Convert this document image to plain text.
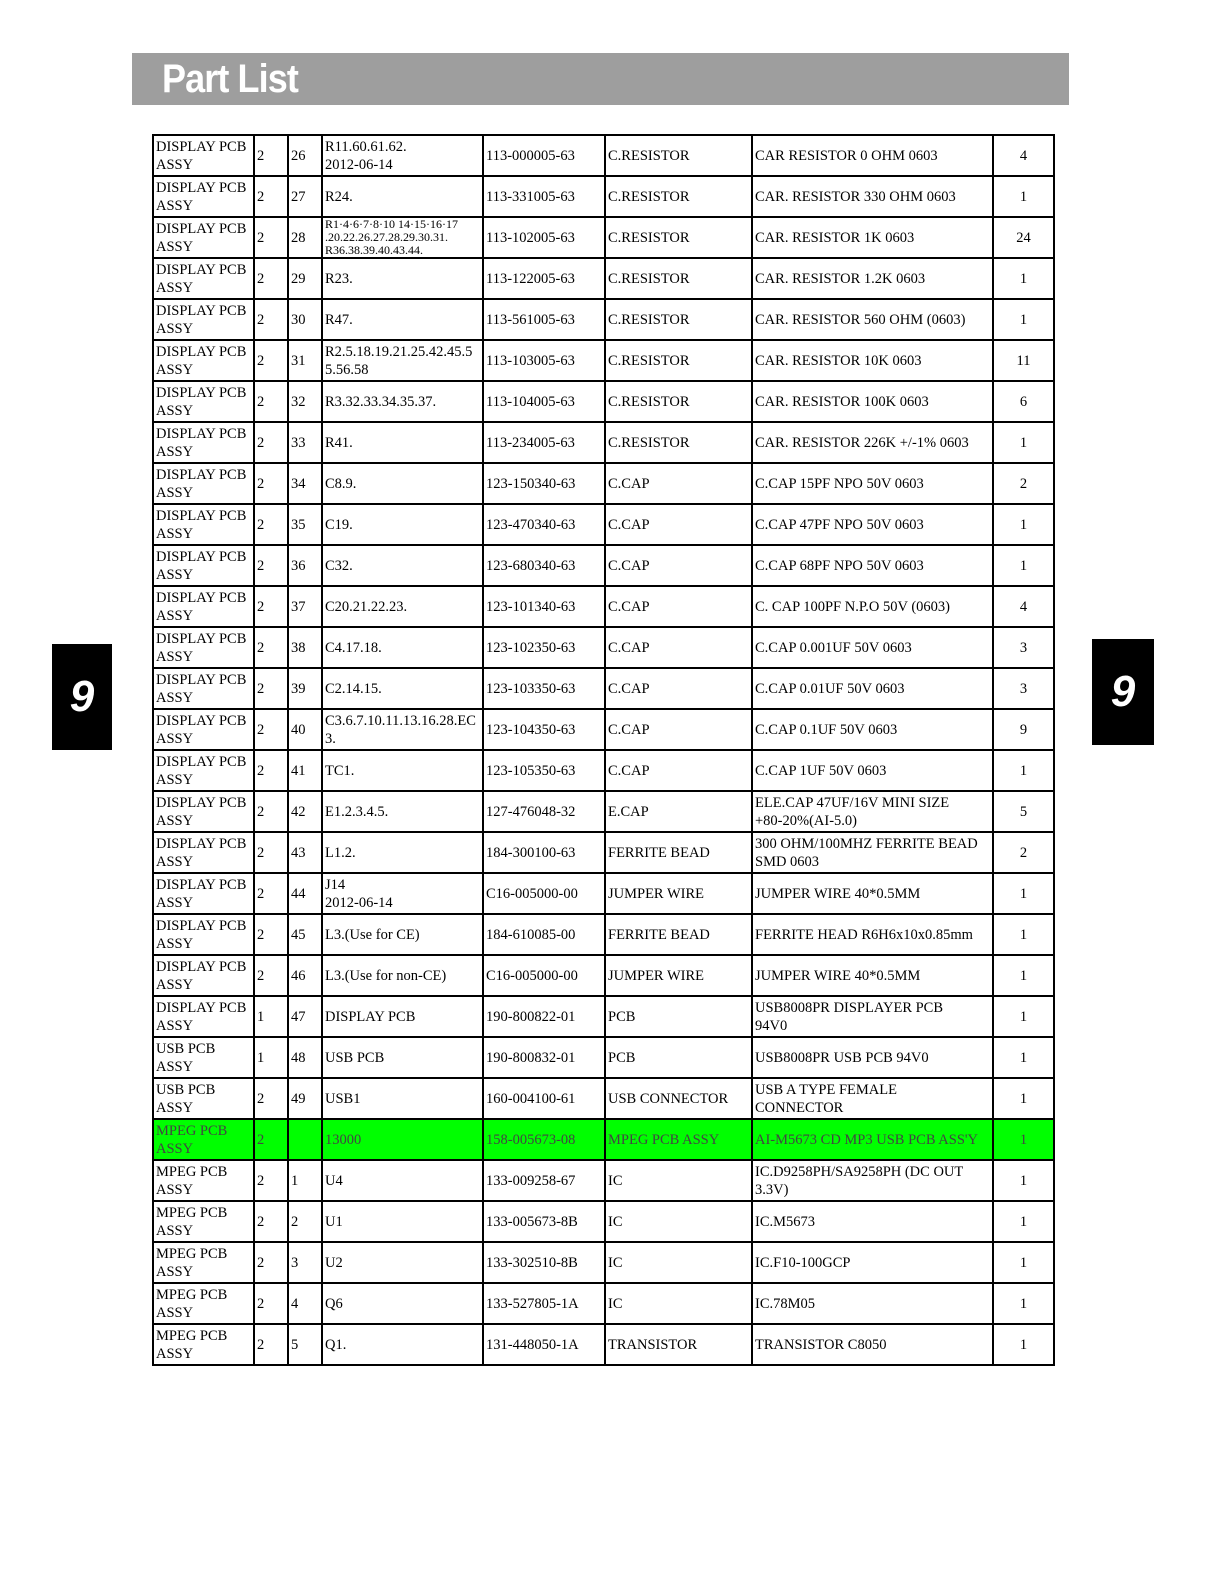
Part List
9	9
DISPLAY PCB
ASSY	2	26	R11.60.61.62.
2012-06-14	113-000005-63	C.RESISTOR	CAR RESISTOR 0 OHM 0603	4
DISPLAY PCB
ASSY	2	27	R24.	113-331005-63	C.RESISTOR	CAR. RESISTOR 330 OHM 0603	1
DISPLAY PCB
ASSY	2	28	R1·4·6·7·8·10 14·15·16·17
.20.22.26.27.28.29.30.31.
R36.38.39.40.43.44.	113-102005-63	C.RESISTOR	CAR. RESISTOR 1K 0603	24
DISPLAY PCB
ASSY	2	29	R23.	113-122005-63	C.RESISTOR	CAR. RESISTOR 1.2K 0603	1
DISPLAY PCB
ASSY	2	30	R47.	113-561005-63	C.RESISTOR	CAR. RESISTOR 560 OHM (0603)	1
DISPLAY PCB
ASSY	2	31	R2.5.18.19.21.25.42.45.5
5.56.58	113-103005-63	C.RESISTOR	CAR. RESISTOR 10K 0603	11
DISPLAY PCB
ASSY	2	32	R3.32.33.34.35.37.	113-104005-63	C.RESISTOR	CAR. RESISTOR 100K 0603	6
DISPLAY PCB
ASSY	2	33	R41.	113-234005-63	C.RESISTOR	CAR. RESISTOR 226K +/-1% 0603	1
DISPLAY PCB
ASSY	2	34	C8.9.	123-150340-63	C.CAP	C.CAP 15PF NPO 50V 0603	2
DISPLAY PCB
ASSY	2	35	C19.	123-470340-63	C.CAP	C.CAP 47PF NPO 50V 0603	1
DISPLAY PCB
ASSY	2	36	C32.	123-680340-63	C.CAP	C.CAP 68PF NPO 50V 0603	1
DISPLAY PCB
ASSY	2	37	C20.21.22.23.	123-101340-63	C.CAP	C. CAP 100PF N.P.O 50V (0603)	4
DISPLAY PCB
ASSY	2	38	C4.17.18.	123-102350-63	C.CAP	C.CAP 0.001UF 50V 0603	3
DISPLAY PCB
ASSY	2	39	C2.14.15.	123-103350-63	C.CAP	C.CAP 0.01UF 50V 0603	3
DISPLAY PCB
ASSY	2	40	C3.6.7.10.11.13.16.28.EC
3.	123-104350-63	C.CAP	C.CAP 0.1UF 50V 0603	9
DISPLAY PCB
ASSY	2	41	TC1.	123-105350-63	C.CAP	C.CAP 1UF 50V 0603	1
DISPLAY PCB
ASSY	2	42	E1.2.3.4.5.	127-476048-32	E.CAP	ELE.CAP 47UF/16V MINI SIZE
+80-20%(AI-5.0)	5
DISPLAY PCB
ASSY	2	43	L1.2.	184-300100-63	FERRITE BEAD	300 OHM/100MHZ FERRITE BEAD
SMD 0603	2
DISPLAY PCB
ASSY	2	44	J14
2012-06-14	C16-005000-00	JUMPER WIRE	JUMPER WIRE 40*0.5MM	1
DISPLAY PCB
ASSY	2	45	L3.(Use for CE)	184-610085-00	FERRITE BEAD	FERRITE HEAD R6H6x10x0.85mm	1
DISPLAY PCB
ASSY	2	46	L3.(Use for non-CE)	C16-005000-00	JUMPER WIRE	JUMPER WIRE 40*0.5MM	1
DISPLAY PCB
ASSY	1	47	DISPLAY PCB	190-800822-01	PCB	USB8008PR DISPLAYER PCB
94V0	1
USB PCB
ASSY	1	48	USB PCB	190-800832-01	PCB	USB8008PR USB PCB 94V0	1
USB PCB
ASSY	2	49	USB1	160-004100-61	USB CONNECTOR	USB A TYPE FEMALE
CONNECTOR	1
MPEG PCB
ASSY	2		13000	158-005673-08	MPEG PCB ASSY	AI-M5673 CD MP3 USB PCB ASS'Y	1
MPEG PCB
ASSY	2	1	U4	133-009258-67	IC	IC.D9258PH/SA9258PH (DC OUT
3.3V)	1
MPEG PCB
ASSY	2	2	U1	133-005673-8B	IC	IC.M5673	1
MPEG PCB
ASSY	2	3	U2	133-302510-8B	IC	IC.F10-100GCP	1
MPEG PCB
ASSY	2	4	Q6	133-527805-1A	IC	IC.78M05	1
MPEG PCB
ASSY	2	5	Q1.	131-448050-1A	TRANSISTOR	TRANSISTOR C8050	1
